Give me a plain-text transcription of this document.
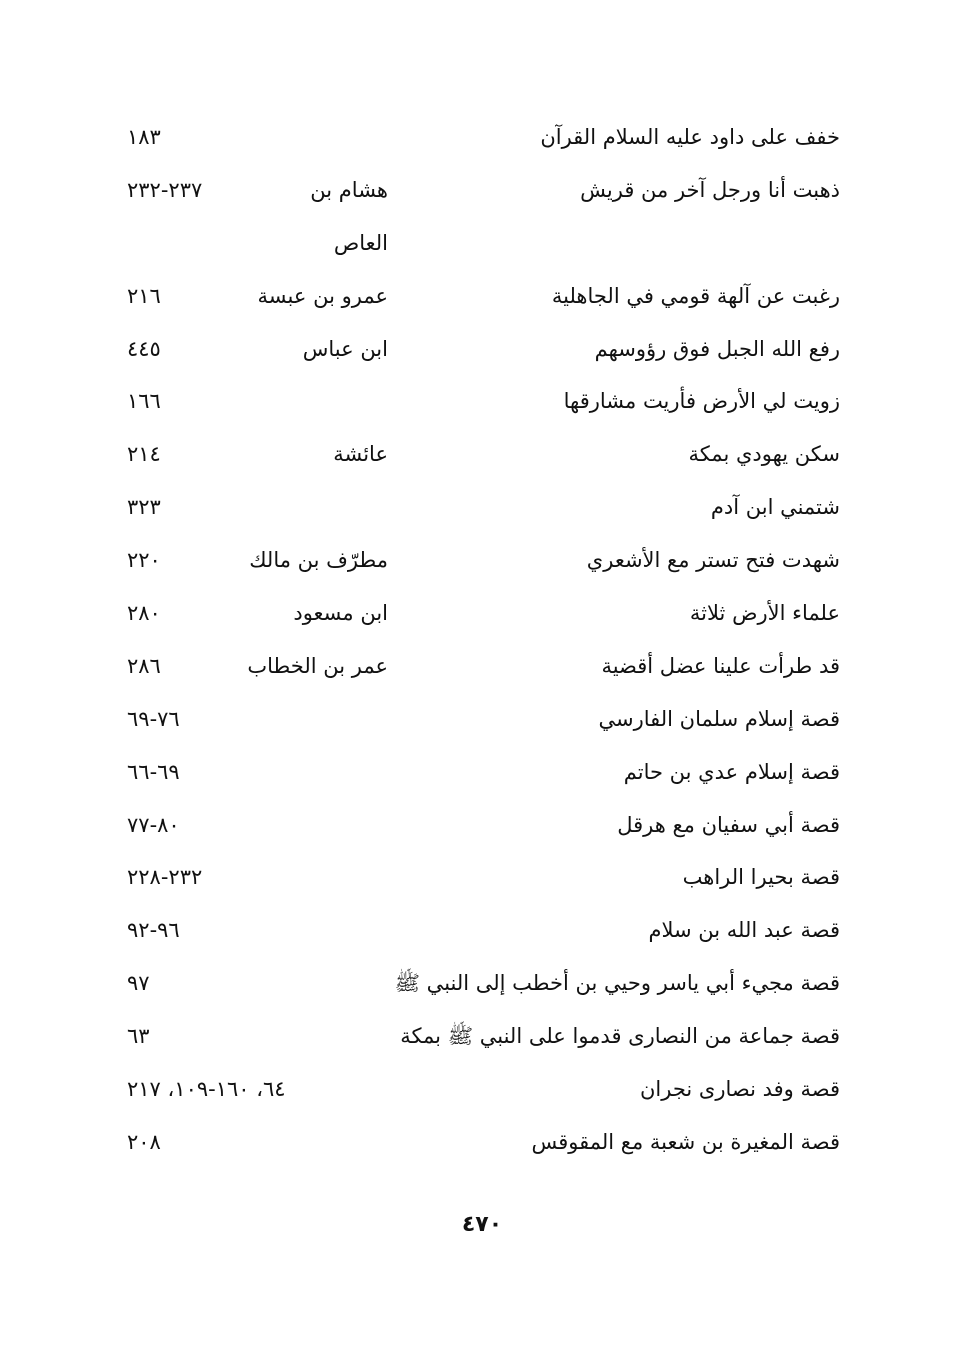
خفف على داود عليه السلام القرآن
١٨٣
ذهبت أنا ورجل آخر من قريش
هشام بن
٢٣٧-٢٣٢
العاص
رغبت عن آلهة قومي في الجاهلية
عمرو بن عبسة
٢١٦
رفع الله الجبل فوق رؤوسهم
ابن عباس
٤٤٥
زويت لي الأرض فأريت مشارقها
١٦٦
سكن يهودي بمكة
عائشة
٢١٤
شتمني ابن آدم
٣٢٣
شهدت فتح تستر مع الأشعري
مطرّف بن مالك
٢٢٠
علماء الأرض ثلاثة
ابن مسعود
٢٨٠
قد طرأت علينا عضل أقضية
عمر بن الخطاب
٢٨٦
قصة إسلام سلمان الفارسي
٧٦-٦٩
قصة إسلام عدي بن حاتم
٦٩-٦٦
قصة أبي سفيان مع هرقل
٨٠-٧٧
قصة بحيرا الراهب
٢٣٢-٢٢٨
قصة عبد الله بن سلام
٩٦-٩٢
قصة مجيء أبي ياسر وحيي بن أخطب إلى النبي ﷺ
٩٧
قصة جماعة من النصارى قدموا على النبي ﷺ بمكة
٦٣
قصة وفد نصارى نجران
٦٤، ١٦٠-١٠٩، ٢١٧
قصة المغيرة بن شعبة مع المقوقس
٢٠٨
٤٧٠
